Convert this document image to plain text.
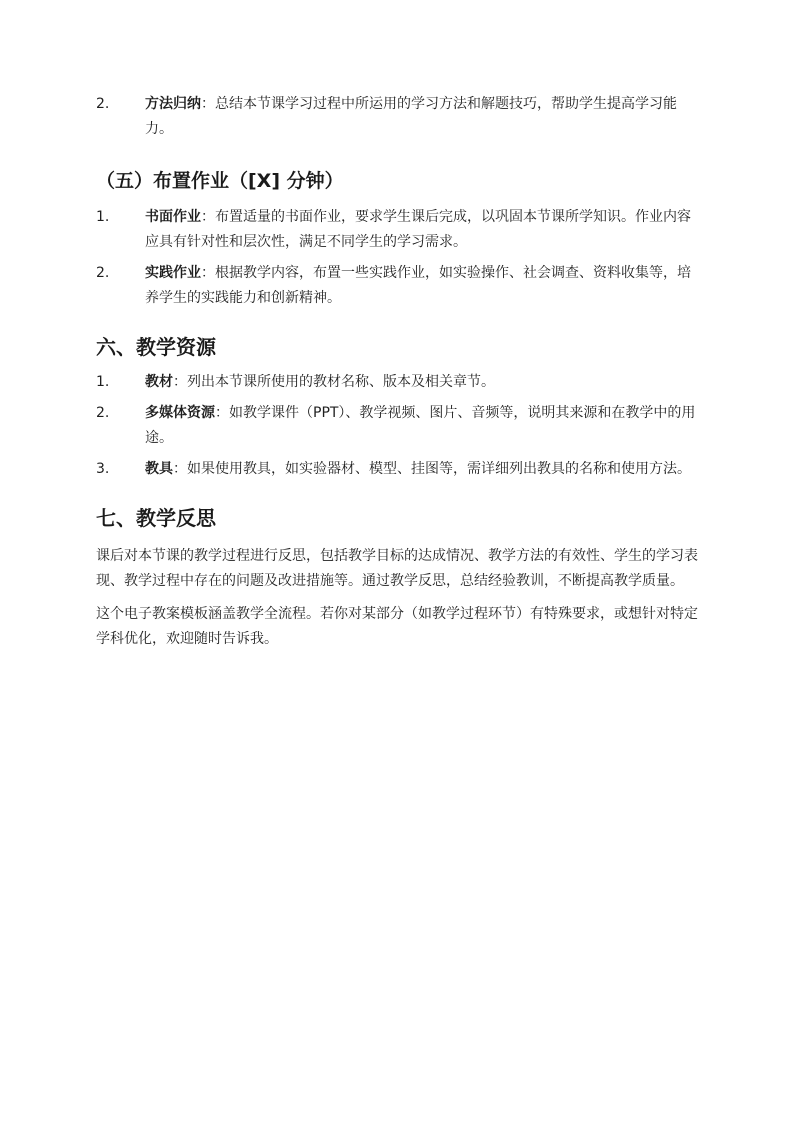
2.	方法归纳：总结本节课学习过程中所运用的学习方法和解题技巧，帮助学生提高学习能力。
（五）布置作业（[X] 分钟）
1.	书面作业：布置适量的书面作业，要求学生课后完成，以巩固本节课所学知识。作业内容应具有针对性和层次性，满足不同学生的学习需求。
2.	实践作业：根据教学内容，布置一些实践作业，如实验操作、社会调查、资料收集等，培养学生的实践能力和创新精神。
六、教学资源
1.	教材：列出本节课所使用的教材名称、版本及相关章节。
2.	多媒体资源：如教学课件（PPT）、教学视频、图片、音频等，说明其来源和在教学中的用途。
3.	教具：如果使用教具，如实验器材、模型、挂图等，需详细列出教具的名称和使用方法。
七、教学反思

课后对本节课的教学过程进行反思，包括教学目标的达成情况、教学方法的有效性、学生的学习表现、教学过程中存在的问题及改进措施等。通过教学反思，总结经验教训，不断提高教学质量。

这个电子教案模板涵盖教学全流程。若你对某部分（如教学过程环节）有特殊要求，或想针对特定学科优化，欢迎随时告诉我。
